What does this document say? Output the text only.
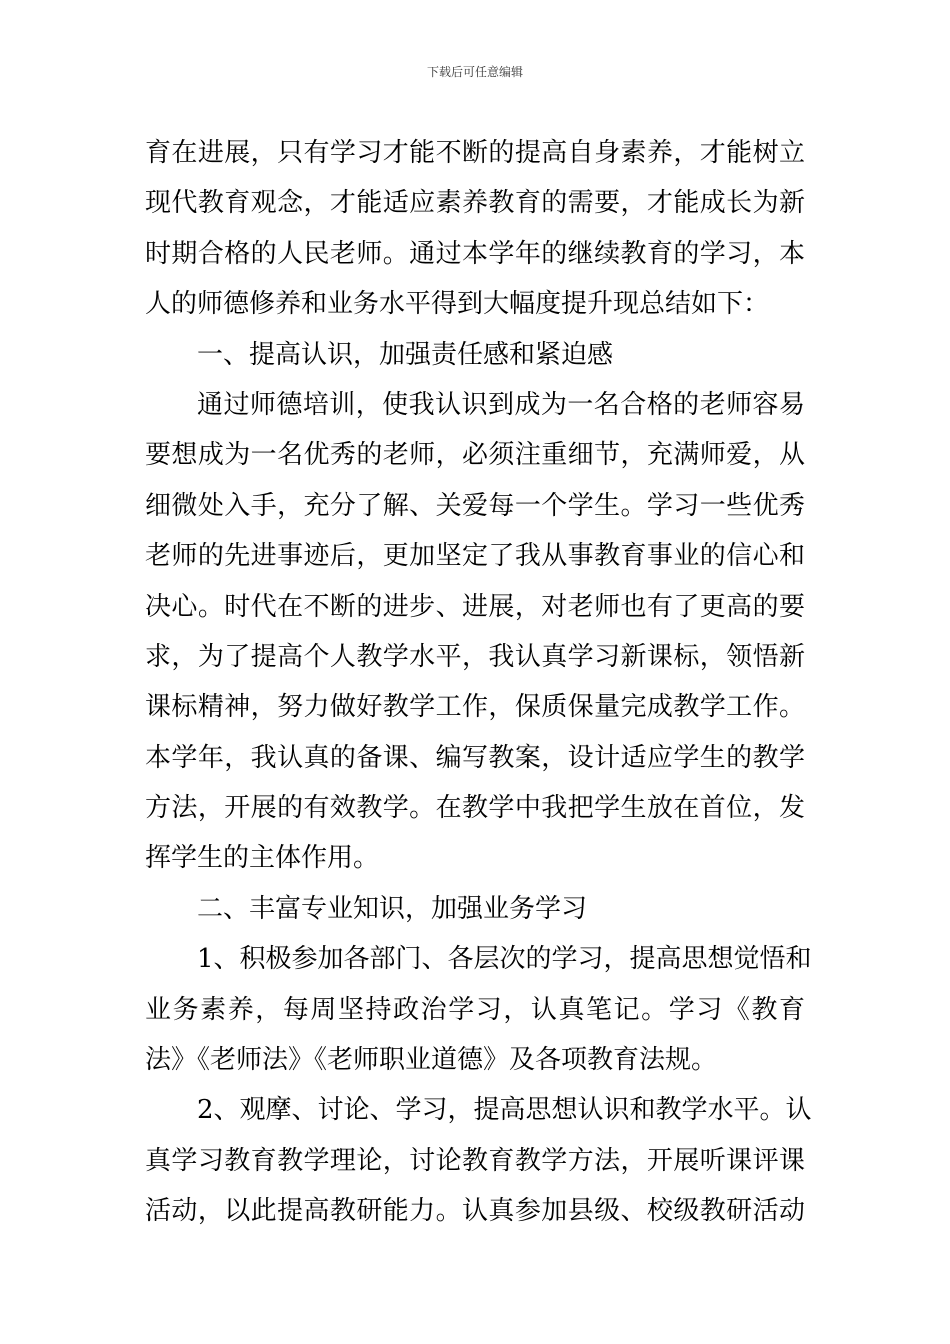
下载后可任意编辑
育在进展，只有学习才能不断的提高自身素养，才能树立
现代教育观念，才能适应素养教育的需要，才能成长为新
时期合格的人民老师。通过本学年的继续教育的学习，本
人的师德修养和业务水平得到大幅度提升现总结如下：
一、提高认识，加强责任感和紧迫感
通过师德培训，使我认识到成为一名合格的老师容易
要想成为一名优秀的老师，必须注重细节，充满师爱，从
细微处入手，充分了解、关爱每一个学生。学习一些优秀
老师的先进事迹后，更加坚定了我从事教育事业的信心和
决心。时代在不断的进步、进展，对老师也有了更高的要
求，为了提高个人教学水平，我认真学习新课标，领悟新
课标精神，努力做好教学工作，保质保量完成教学工作。
本学年，我认真的备课、编写教案，设计适应学生的教学
方法，开展的有效教学。在教学中我把学生放在首位，发
挥学生的主体作用。
二、丰富专业知识，加强业务学习
1、积极参加各部门、各层次的学习，提高思想觉悟和
业务素养，每周坚持政治学习，认真笔记。学习《教育
法》《老师法》《老师职业道德》及各项教育法规。
2、观摩、讨论、学习，提高思想认识和教学水平。认
真学习教育教学理论，讨论教育教学方法，开展听课评课
活动，以此提高教研能力。认真参加县级、校级教研活动
